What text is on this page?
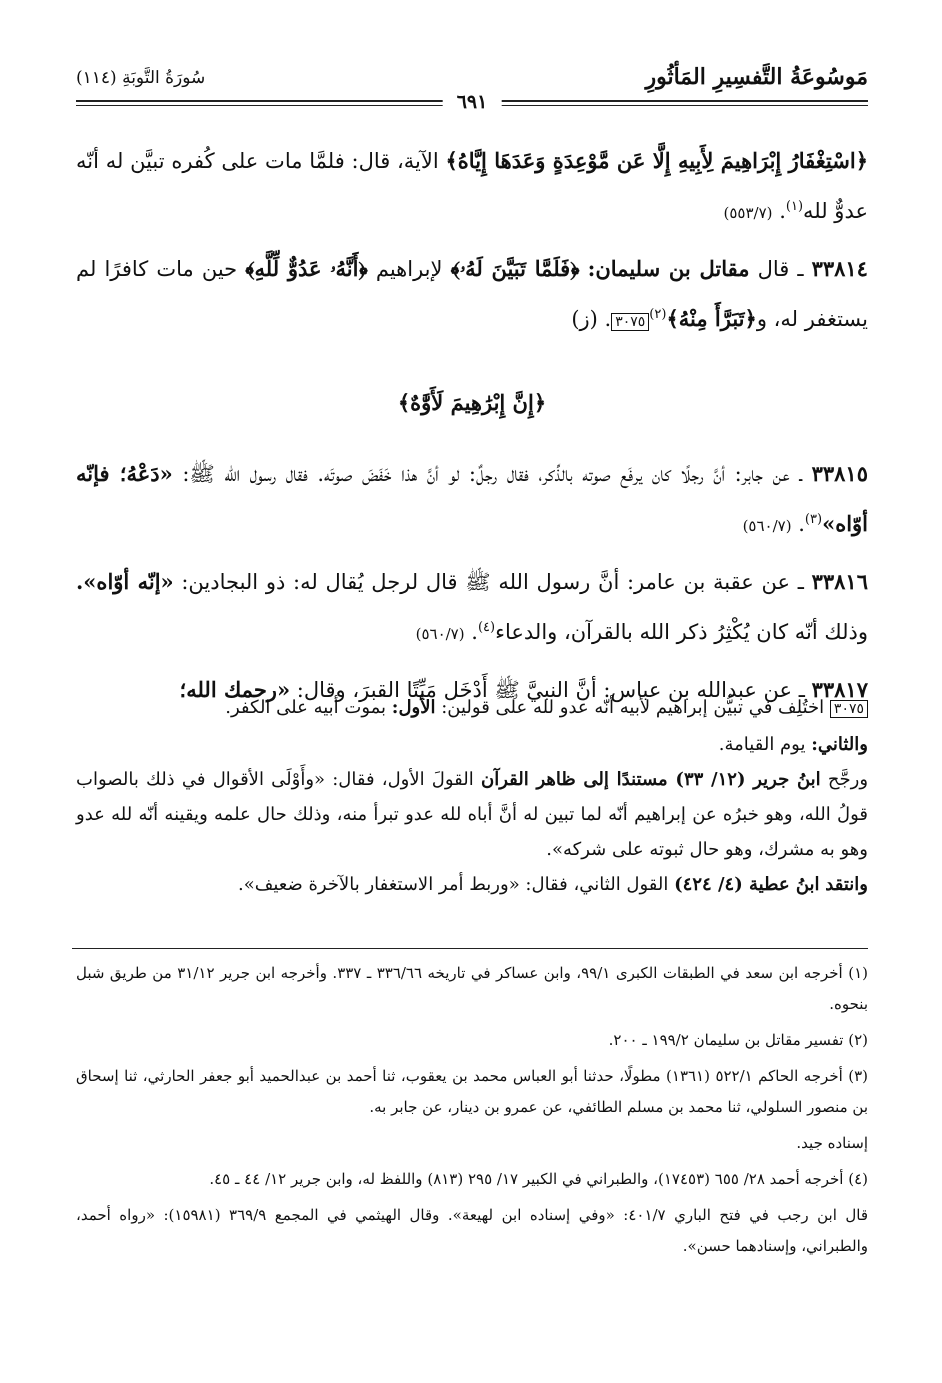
مَوسُوعَةُ التَّفسِيرِ المَأثُورِ
سُورَةُ التَّوبَةِ (١١٤)
٦٩١

﴿اسْتِغْفَارُ إِبْرَاهِيمَ لِأَبِيهِ إِلَّا عَن مَّوْعِدَةٍ وَعَدَهَا إِيَّاهُ﴾ الآية، قال: فلمَّا مات على كُفره تبيَّن له أنّه عدوٌّ لله$^{(١)}$. (٥٥٣/٧)

٣٣٨١٤ ـ قال مقاتل بن سليمان: ﴿فَلَمَّا تَبَيَّنَ لَهُۥ﴾ لإبراهيم ﴿أَنَّهُۥ عَدُوٌّ لِّلَّهِ﴾ حين مات كافرًا لم يستغفر له، و﴿تَبَرَّأَ مِنْهُ﴾$^{(٢)}$٣٠٧٥. (ز)

﴿إِنَّ إِبْرَٰهِيمَ لَأَوَّٰهٌ﴾

٣٣٨١٥ ـ عن جابر: أنَّ رجلًا كان يرفَع صوته بالذِّكر، فقال رجلٌ: لو أنَّ هذا خَفَضَ صوتَه. فقال رسول الله ﷺ: «دَعْهُ؛ فإنّه أوّاه»$^{(٣)}$. (٥٦٠/٧)

٣٣٨١٦ ـ عن عقبة بن عامر: أنَّ رسول الله ﷺ قال لرجل يُقال له: ذو البجادين: «إنّه أوّاه». وذلك أنّه كان يُكْثِرُ ذكر الله بالقرآن، والدعاء$^{(٤)}$. (٥٦٠/٧)

٣٣٨١٧ ـ عن عبدالله بن عباس: أنَّ النبيَّ ﷺ أَدْخَل مَيِّتًا القبرَ، وقال: «رحمك الله؛

٣٠٧٥ اختُلِف في تبيُّن إبراهيم لأبيه أنّه عدو لله على قولين: الأول: بموت أبيه على الكفر.

والثاني: يوم القيامة.

ورجَّح ابنُ جرير (١٢/ ٣٣) مستندًا إلى ظاهر القرآن القولَ الأول، فقال: «وأَوْلَى الأقوال في ذلك بالصواب قولُ الله، وهو خبرُه عن إبراهيم أنّه لما تبين له أنَّ أباه لله عدو تبرأ منه، وذلك حال علمه ويقينه أنّه لله عدو وهو به مشرك، وهو حال ثبوته على شركه».

وانتقد ابنُ عطية (٤/ ٤٢٤) القول الثاني، فقال: «وربط أمر الاستغفار بالآخرة ضعيف».

(١) أخرجه ابن سعد في الطبقات الكبرى ٩٩/١، وابن عساكر في تاريخه ٣٣٦/٦٦ ـ ٣٣٧. وأخرجه ابن جرير ٣١/١٢ من طريق شبل بنحوه.

(٢) تفسير مقاتل بن سليمان ١٩٩/٢ ـ ٢٠٠.

(٣) أخرجه الحاكم ٥٢٢/١ (١٣٦١) مطولًا، حدثنا أبو العباس محمد بن يعقوب، ثنا أحمد بن عبدالحميد أبو جعفر الحارثي، ثنا إسحاق بن منصور السلولي، ثنا محمد بن مسلم الطائفي، عن عمرو بن دينار، عن جابر به.

إسناده جيد.

(٤) أخرجه أحمد ٢٨/ ٦٥٥ (١٧٤٥٣)، والطبراني في الكبير ١٧/ ٢٩٥ (٨١٣) واللفظ له، وابن جرير ١٢/ ٤٤ ـ ٤٥.

قال ابن رجب في فتح الباري ٤٠١/٧: «وفي إسناده ابن لهيعة». وقال الهيثمي في المجمع ٣٦٩/٩ (١٥٩٨١): «رواه أحمد، والطبراني، وإسنادهما حسن».
